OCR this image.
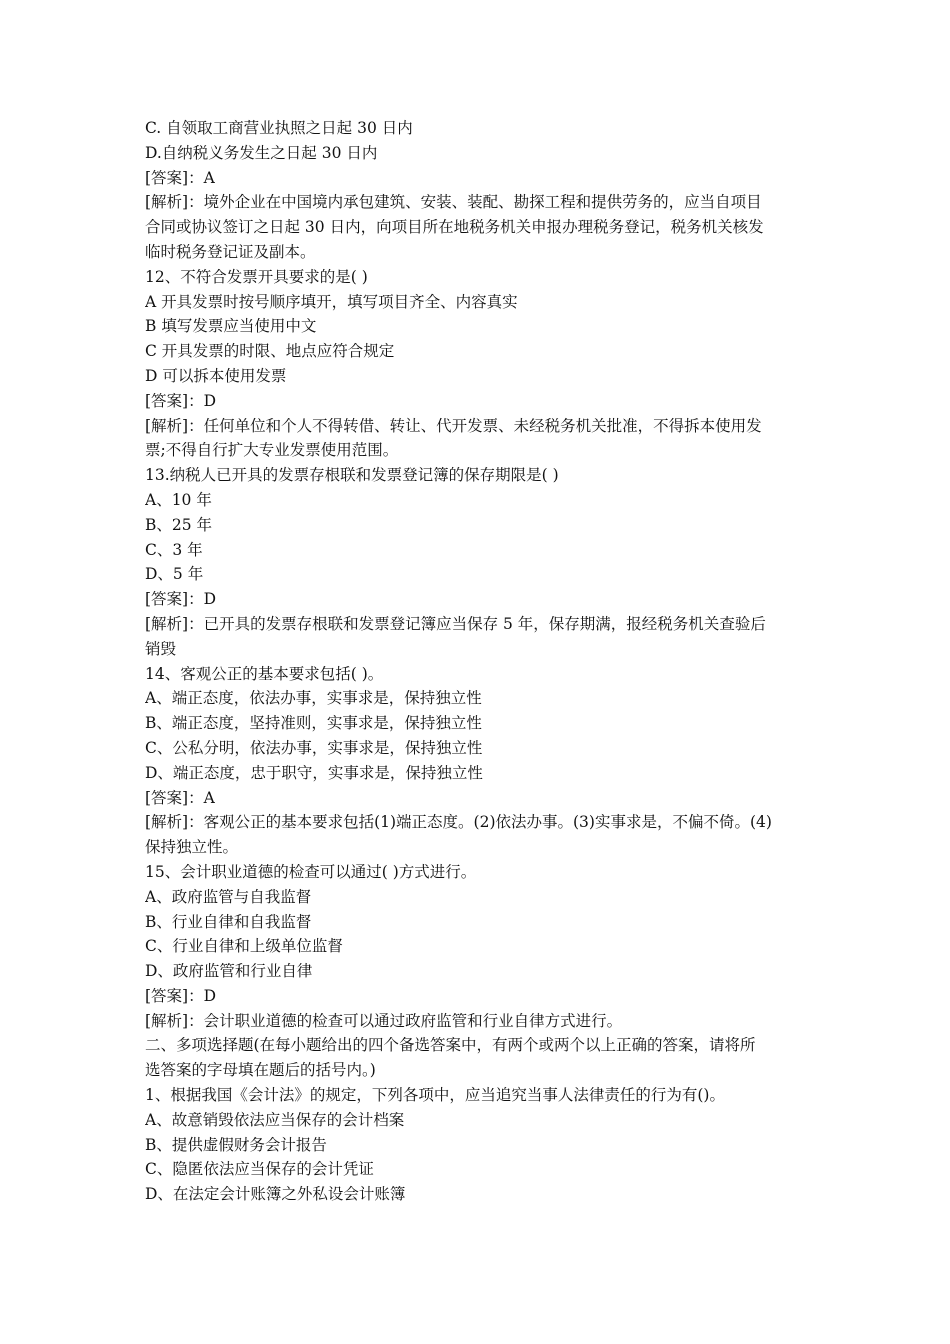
C. 自领取工商营业执照之日起 30 日内
D.自纳税义务发生之日起 30 日内
[答案]：A
[解析]：境外企业在中国境内承包建筑、安装、装配、勘探工程和提供劳务的，应当自项目
合同或协议签订之日起 30 日内，向项目所在地税务机关申报办理税务登记，税务机关核发
临时税务登记证及副本。
12、不符合发票开具要求的是( )
A 开具发票时按号顺序填开，填写项目齐全、内容真实
B 填写发票应当使用中文
C 开具发票的时限、地点应符合规定
D 可以拆本使用发票
[答案]：D
[解析]：任何单位和个人不得转借、转让、代开发票、未经税务机关批准，不得拆本使用发
票;不得自行扩大专业发票使用范围。
13.纳税人已开具的发票存根联和发票登记簿的保存期限是( )
A、10 年
B、25 年
C、3 年
D、5 年
[答案]：D
[解析]：已开具的发票存根联和发票登记簿应当保存 5 年，保存期满，报经税务机关查验后
销毁
14、客观公正的基本要求包括( )。
A、端正态度，依法办事，实事求是，保持独立性
B、端正态度，坚持准则，实事求是，保持独立性
C、公私分明，依法办事，实事求是，保持独立性
D、端正态度，忠于职守，实事求是，保持独立性
[答案]：A
[解析]：客观公正的基本要求包括(1)端正态度。(2)依法办事。(3)实事求是，不偏不倚。(4)
保持独立性。
15、会计职业道德的检查可以通过( )方式进行。
A、政府监管与自我监督
B、行业自律和自我监督
C、行业自律和上级单位监督
D、政府监管和行业自律
[答案]：D
[解析]：会计职业道德的检查可以通过政府监管和行业自律方式进行。
二、多项选择题(在每小题给出的四个备选答案中，有两个或两个以上正确的答案，请将所
选答案的字母填在题后的括号内。)
1、根据我国《会计法》的规定，下列各项中，应当追究当事人法律责任的行为有()。
A、故意销毁依法应当保存的会计档案
B、提供虚假财务会计报告
C、隐匿依法应当保存的会计凭证
D、在法定会计账簿之外私设会计账簿
